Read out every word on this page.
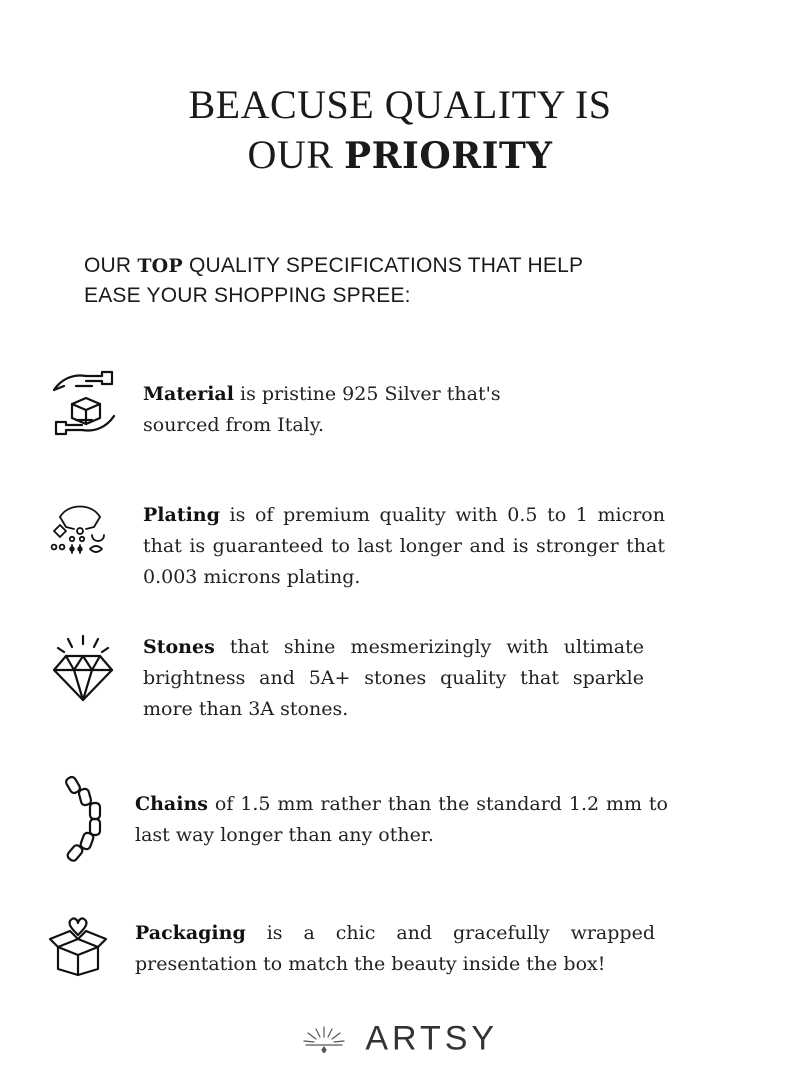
BEACUSE QUALITY IS
OUR PRIORITY
OUR TOP QUALITY SPECIFICATIONS THAT HELP
EASE YOUR SHOPPING SPREE:
Material is pristine 925 Silver that's sourced from Italy.
Plating is of premium quality with 0.5 to 1 micron that is guaranteed to last longer and is stronger that 0.003 microns plating.
Stones that shine mesmerizingly with ultimate brightness and 5A+ stones quality that sparkle more than 3A stones.
Chains of 1.5 mm rather than the standard 1.2 mm to last way longer than any other.
Packaging is a chic and gracefully wrapped presentation to match the beauty inside the box!
ARTSY
